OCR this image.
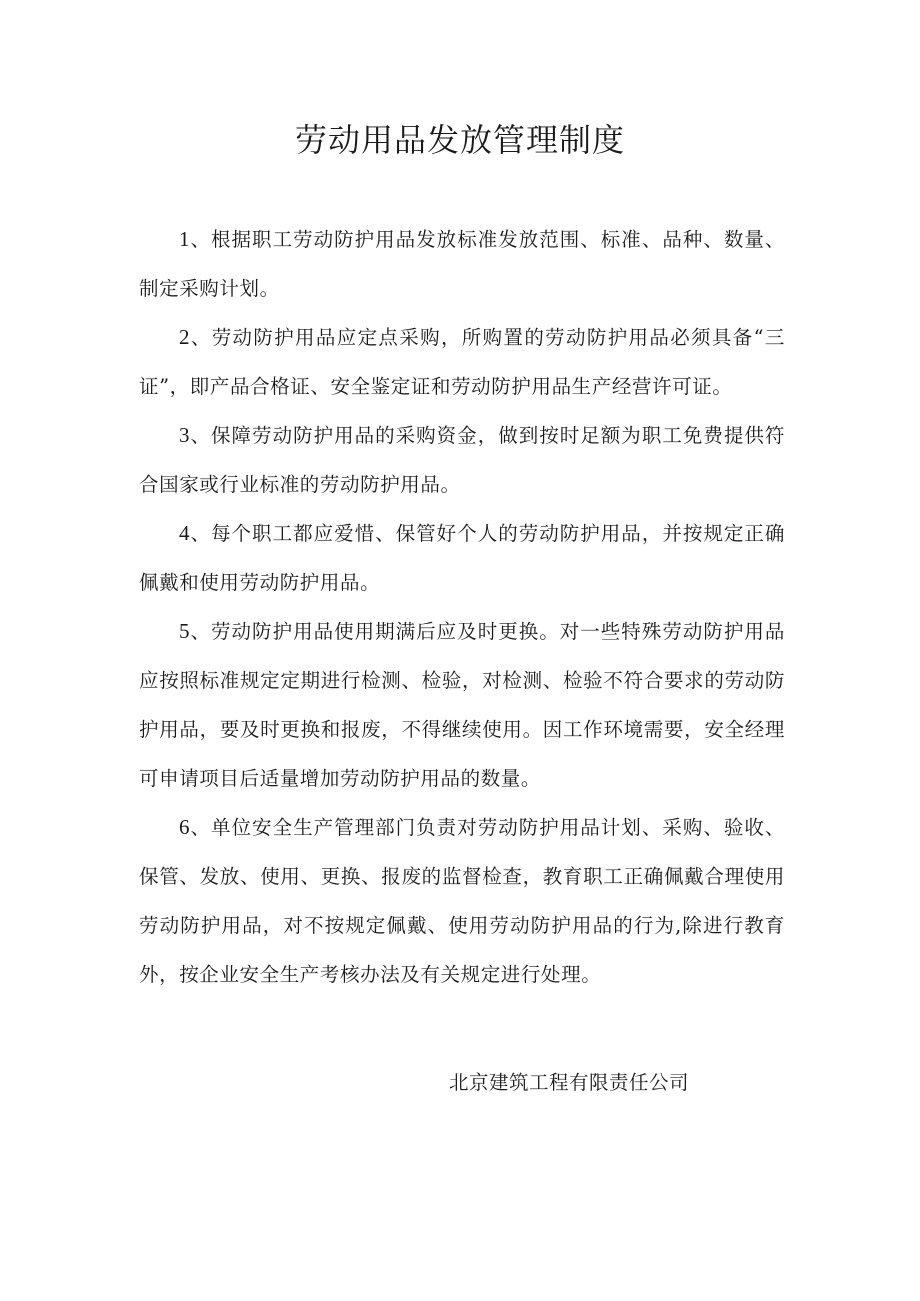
劳动用品发放管理制度

1、根据职工劳动防护用品发放标准发放范围、标准、品种、数量、制定采购计划。

2、劳动防护用品应定点采购，所购置的劳动防护用品必须具备“三证”，即产品合格证、安全鉴定证和劳动防护用品生产经营许可证。

3、保障劳动防护用品的采购资金，做到按时足额为职工免费提供符合国家或行业标准的劳动防护用品。

4、每个职工都应爱惜、保管好个人的劳动防护用品，并按规定正确佩戴和使用劳动防护用品。

5、劳动防护用品使用期满后应及时更换。对一些特殊劳动防护用品应按照标准规定定期进行检测、检验，对检测、检验不符合要求的劳动防护用品，要及时更换和报废，不得继续使用。因工作环境需要，安全经理可申请项目后适量增加劳动防护用品的数量。

6、单位安全生产管理部门负责对劳动防护用品计划、采购、验收、保管、发放、使用、更换、报废的监督检查，教育职工正确佩戴合理使用劳动防护用品，对不按规定佩戴、使用劳动防护用品的行为,除进行教育外，按企业安全生产考核办法及有关规定进行处理。

北京建筑工程有限责任公司
